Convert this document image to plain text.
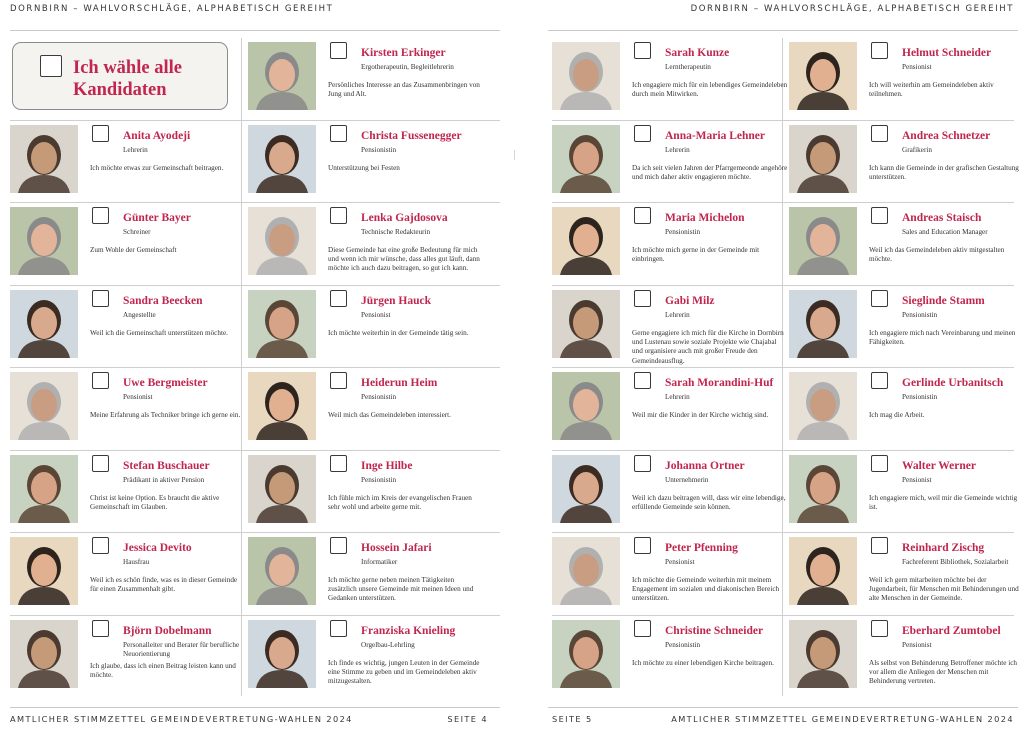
DORNBIRN – WAHLVORSCHLÄGE, ALPHABETISCH GEREIHT
AMTLICHER STIMMZETTEL GEMEINDEVERTRETUNG-WAHLEN 2024	SEITE 4
Ich wähle alle Kandidaten
DORNBIRN – WAHLVORSCHLÄGE, ALPHABETISCH GEREIHT
SEITE 5	AMTLICHER STIMMZETTEL GEMEINDEVERTRETUNG-WAHLEN 2024
Anita Ayodeji
Lehrerin
Ich möchte etwas zur Gemeinschaft beitragen.
Günter Bayer
Schreiner
Zum Wohle der Gemeinschaft
Sandra Beecken
Angestellte
Weil ich die Gemeinschaft unterstützen möchte.
Uwe Bergmeister
Pensionist
Meine Erfahrung als Techniker bringe ich gerne ein.
Stefan Buschauer
Prädikant in aktiver Pension
Christ ist keine Option. Es braucht die aktive Gemeinschaft im Glauben.
Jessica Devito
Hausfrau
Weil ich es schön finde, was es in dieser Gemeinde für einen Zusammenhalt gibt.
Björn Dobelmann
Personalleiter und Berater für berufliche Neuorientierung
Ich glaube, dass ich einen Beitrag leisten kann und möchte.
Kirsten Erkinger
Ergotherapeutin, Begleitlehrerin
Persönliches Interesse an das Zusammenbringen von Jung und Alt.
Christa Fussenegger
Pensionistin
Unterstützung bei Festen
Lenka Gajdosova
Technische Redakteurin
Diese Gemeinde hat eine große Bedeutung für mich und wenn ich mir wünsche, dass alles gut läuft, dann möchte ich auch dazu beitragen, so gut ich kann.
Jürgen Hauck
Pensionist
Ich möchte weiterhin in der Gemeinde tätig sein.
Heiderun Heim
Pensionistin
Weil mich das Gemeindeleben interessiert.
Inge Hilbe
Pensionistin
Ich fühle mich im Kreis der evangelischen Frauen sehr wohl und arbeite gerne mit.
Hossein Jafari
Informatiker
Ich möchte gerne neben meinen Tätigkeiten zusätzlich unsere Gemeinde mit meinen Ideen und Gedanken unterstützen.
Franziska Knieling
Orgelbau-Lehrling
Ich finde es wichtig, jungen Leuten in der Gemeinde eine Stimme zu geben und im Gemeindeleben aktiv mitzugestalten.
Sarah Kunze
Lerntherapeutin
Ich engagiere mich für ein lebendiges Gemeindeleben durch mein Mitwirken.
Anna-Maria Lehner
Lehrerin
Da ich seit vielen Jahren der Pfarrgemeonde angehöre und mich daher aktiv engagieren möchte.
Maria Michelon
Pensionistin
Ich möchte mich gerne in der Gemeinde mit einbringen.
Gabi Milz
Lehrerin
Gerne engagiere ich mich für die Kirche in Dornbirn und Lustenau sowie soziale Projekte wie Chajabal und organisiere auch mit großer Freude den Gemeindeausflug.
Sarah Morandini-Huf
Lehrerin
Weil mir die Kinder in der Kirche wichtig sind.
Johanna Ortner
Unternehmerin
Weil ich dazu beitragen will, dass wir eine lebendige, erfüllende Gemeinde sein können.
Peter Pfenning
Pensionist
Ich möchte die Gemeinde weiterhin mit meinem Engagement im sozialen und diakonischen Bereich unterstützen.
Christine Schneider
Pensionistin
Ich möchte zu einer lebendigen Kirche beitragen.
Helmut Schneider
Pensionist
Ich will weiterhin am Gemeindeleben aktiv teilnehmen.
Andrea Schnetzer
Grafikerin
Ich kann die Gemeinde in der grafischen Gestaltung unterstützen.
Andreas Staisch
Sales and Education Manager
Weil ich das Gemeindeleben aktiv mitgestalten möchte.
Sieglinde Stamm
Pensionistin
Ich engagiere mich nach Vereinbarung und meinen Fähigkeiten.
Gerlinde Urbanitsch
Pensionistin
Ich mag die Arbeit.
Walter Werner
Pensionist
Ich engagiere mich, weil mir die Gemeinde wichtig ist.
Reinhard Zischg
Fachreferent Bibliothek, Sozialarbeit
Weil ich gern mitarbeiten möchte bei der Jugendarbeit, für Menschen mit Behinderungen und alte Menschen in der Gemeinde.
Eberhard Zumtobel
Pensionist
Als selbst von Behinderung Betroffener möchte ich vor allem die Anliegen der Menschen mit Behinderung vertreten.
